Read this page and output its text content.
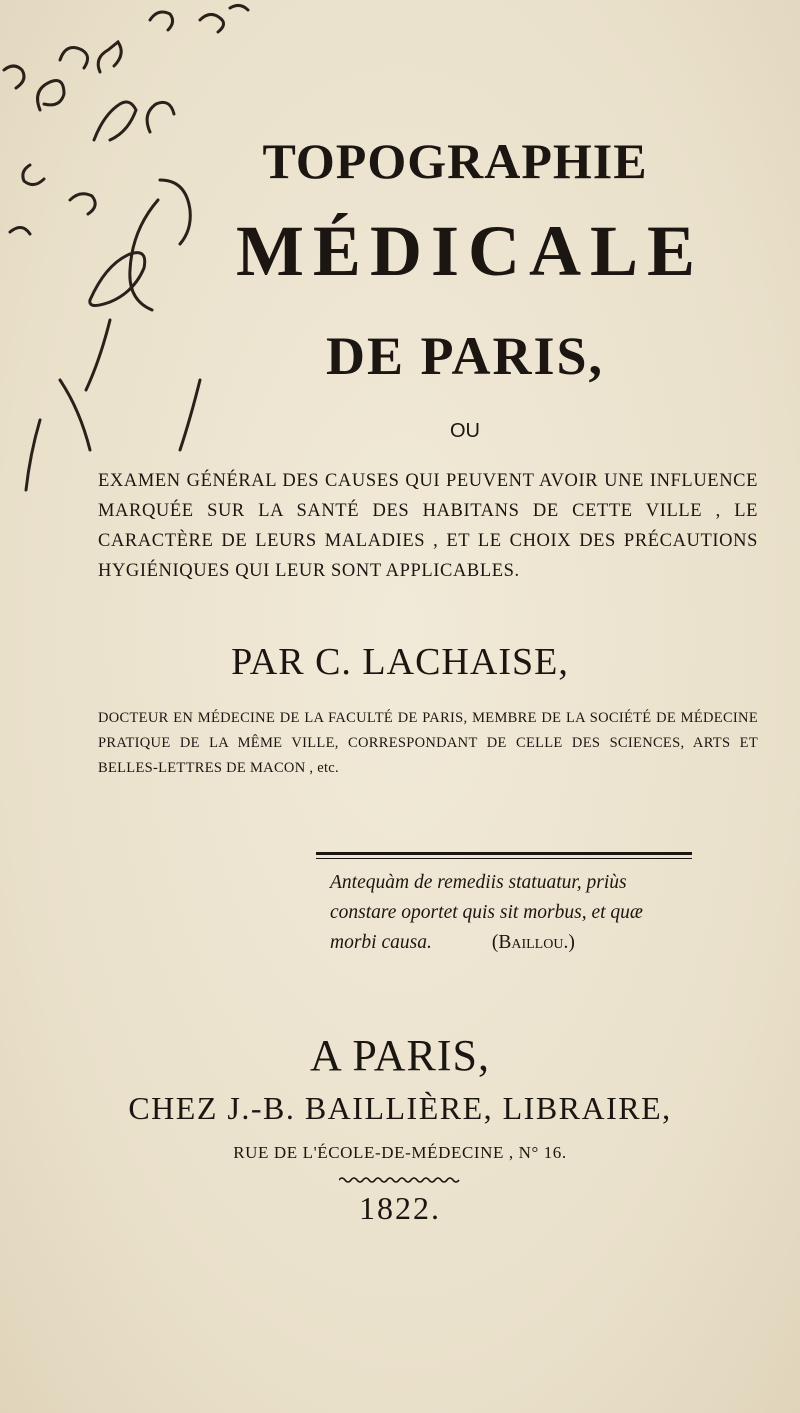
TOPOGRAPHIE
MÉDICALE
DE PARIS,
OU
EXAMEN GÉNÉRAL DES CAUSES QUI PEUVENT AVOIR UNE INFLUENCE MARQUÉE SUR LA SANTÉ DES HABITANS DE CETTE VILLE , LE CARACTÈRE DE LEURS MALADIES , ET LE CHOIX DES PRÉCAUTIONS HYGIÉNIQUES QUI LEUR SONT APPLICABLES.
PAR C. LACHAISE,
DOCTEUR EN MÉDECINE DE LA FACULTÉ DE PARIS, MEMBRE DE LA SOCIÉTÉ DE MÉDECINE PRATIQUE DE LA MÊME VILLE, CORRESPONDANT DE CELLE DES SCIENCES, ARTS ET BELLES-LETTRES DE MACON , etc.
Antequàm de remediis statuatur, priùs
constare oportet quis sit morbus, et quæ
morbi causa.	(Baillou.)
A PARIS,
CHEZ J.-B. BAILLIÈRE, LIBRAIRE,
RUE DE L'ÉCOLE-DE-MÉDECINE , N° 16.
1822.
